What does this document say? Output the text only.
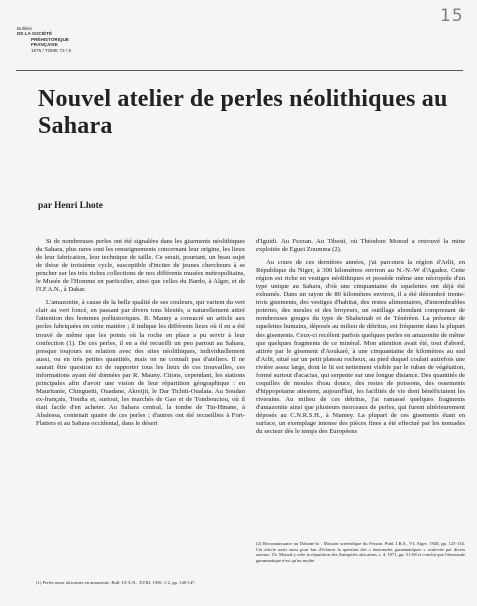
15
Bulletin
DE LA SOCIÉTÉ
PRÉHISTORIQUE
FRANÇAISE
1976 / TOME 73 / 9
Nouvel atelier de perles néolithiques au Sahara
par Henri Lhote

Si de nombreuses perles ont été signalées dans les gisements néolithiques du Sahara, plus rares sont les renseignements concernant leur origine, les lieux de leur fabrication, leur technique de taille. Ce serait, pourtant, un beau sujet de thèse de troisième cycle, susceptible d'inciter de jeunes chercheurs à se pencher sur les très riches collections de nos différents musées métropolitains, le Musée de l'Homme en particulier, ainsi que celles du Bardo, à Alger, et de l'I.F.A.N., à Dakar.

L'amazonite, à cause de la belle qualité de ses couleurs, qui varient du vert clair au vert foncé, en passant par divers tons bleutés, a naturellement attiré l'attention des hommes préhistoriques. R. Mauny a consacré un article aux perles fabriquées en cette matière ; il indique les différents lieux où il en a été trouvé de même que les points où la roche en place a pu servir à leur confection (1). De ces perles, il en a été recueilli un peu partout au Sahara, presque toujours en relation avec des sites néolithiques, individuellement aussi, ou en très petites quantités, mais on ne connaît pas d'ateliers. Il ne saurait être question ici de rapporter tous les lieux de ces trouvailles, ces informations ayant été données par R. Mauny. Citons, cependant, les stations principales afin d'avoir une vision de leur répartition géographique : en Mauritanie, Chinguetti, Ouadane, Akreijit, le Dar Tichitt-Oualata. Au Soudan ex-français, Tondia et, surtout, les marchés de Gao et de Tombouctou, où il était facile d'en acheter. Au Sahara central, la tombe de Tin-Hinane, à Abalessa, contenait quatre de ces perles ; d'autres ont été recueillies à Fort-Flatters et au Sahara occidental, dans le désert

d'Iguidi. Au Fezzan. Au Tibesti, où Théodore Monod a retrouvé la mine exploitée de Eguei Zoumma (2).

Au cours de ces dernières années, j'ai parcouru la région d'Arlit, en République du Niger, à 300 kilomètres environ au N.-N.-W d'Agadez. Cette région est riche en vestiges néolithiques et possède même une nécropole d'un type unique au Sahara, d'où une cinquantaine de squelettes ont déjà été exhumés. Dans un rayon de 80 kilomètres environ, il a été dénombré trente-trois gisements, des vestiges d'habitat, des restes alimentaires, d'innombrables poteries, des meules et des broyeurs, un outillage abondant comprenant de nombreuses gouges du type de Shaheinab et de Ténéréen. La présence de squelettes humains, déposés au milieu de détritus, est fréquente dans la plupart des gisements. Ceux-ci recèlent parfois quelques perles en amazonite de même que quelques fragments de ce minéral. Mon attention avait été, tout d'abord, attirée par le gisement d'Aoukaré, à une cinquantaine de kilomètres au sud d'Arlit, situé sur un petit plateau rocheux, au pied duquel coulait autrefois une rivière assez large, dont le lit est nettement visible par le ruban de végétation, formé surtout d'acacias, qui serpente sur une longue distance. Des quantités de coquilles de moules d'eau douce, des restes de poissons, des ossements d'hippopotame attestent, aujourd'hui, les facilités de vie dont bénéficiaient les riverains. Au milieu de ces détritus, j'ai ramassé quelques fragments d'amazonite ainsi que plusieurs morceaux de perles, qui furent ultérieurement déposés au C.N.R.S.H., à Niamey. La plupart de ces gisements étant en surface, un exemplage intense des pièces fines a été effectué par les nomades du secteur dès le temps des Européens

(1) Perles ouest africaines en amazonite. Bull. I.F.A.N., XVIII, 1956, 1-2, pp. 140-147.
(2) Reconnaissance au Dohone-lo : Mission scientifique du Fezzan. Publ. I.R.S., VI, Alger, 1948, pp. 125-134. Cet article avait aussi pour but d'éclairer la question des « émeraudes garamantiques » soulevée par divers auteurs. Th. Monod y relie la répartition des Antiquités africaines, t. 4, 1971, pp. 51-68 et conclut que l'émeraude garamantique n'est qu'un mythe.
